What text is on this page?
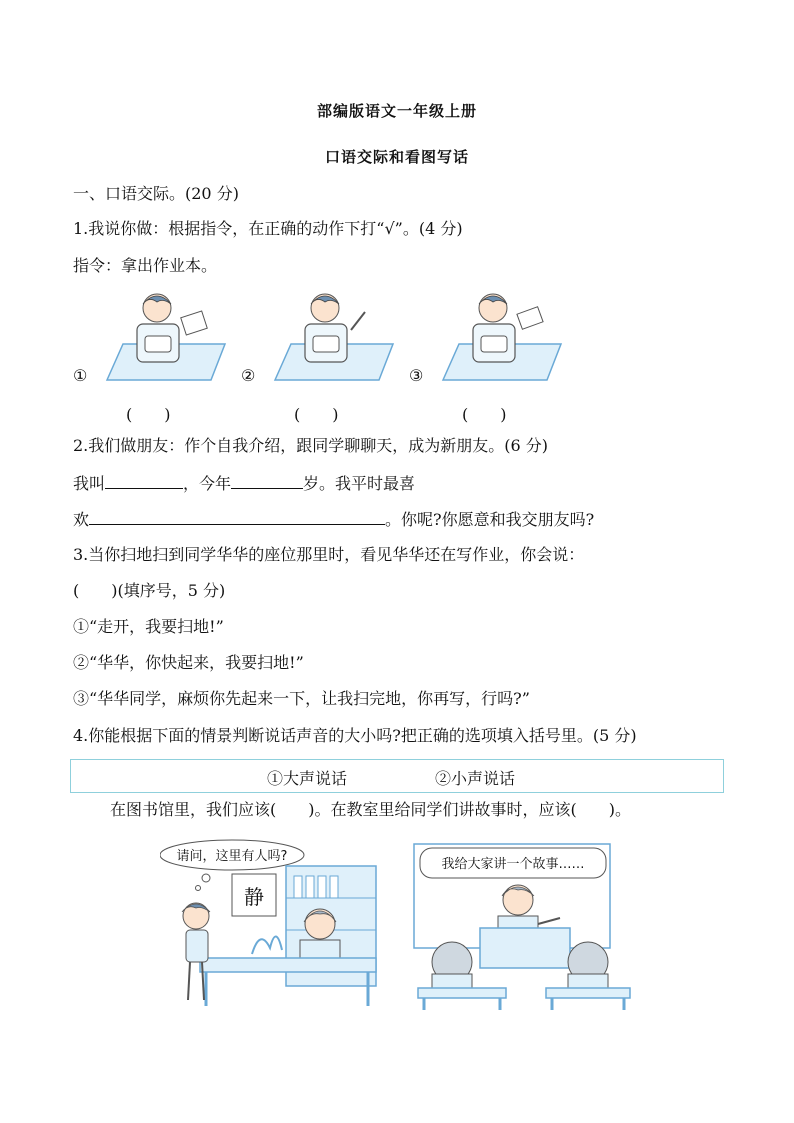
部编版语文一年级上册
口语交际和看图写话
一、口语交际。(20 分)
1.我说你做：根据指令，在正确的动作下打“√”。(4 分)
指令：拿出作业本。
①	②	③
(　　)	(　　)	(　　)
2.我们做朋友：作个自我介绍，跟同学聊聊天，成为新朋友。(6 分)
我叫	，今年	岁。我平时最喜
欢	。你呢?你愿意和我交朋友吗?
3.当你扫地扫到同学华华的座位那里时，看见华华还在写作业，你会说：
(　　)(填序号，5 分)
①“走开，我要扫地!”
②“华华，你快起来，我要扫地!”
③“华华同学，麻烦你先起来一下，让我扫完地，你再写，行吗?”
4.你能根据下面的情景判断说话声音的大小吗?把正确的选项填入括号里。(5 分)
①大声说话	②小声说话
在图书馆里，我们应该(　　)。在教室里给同学们讲故事时，应该(　　)。
请问，这里有人吗?
静
我给大家讲一个故事……
